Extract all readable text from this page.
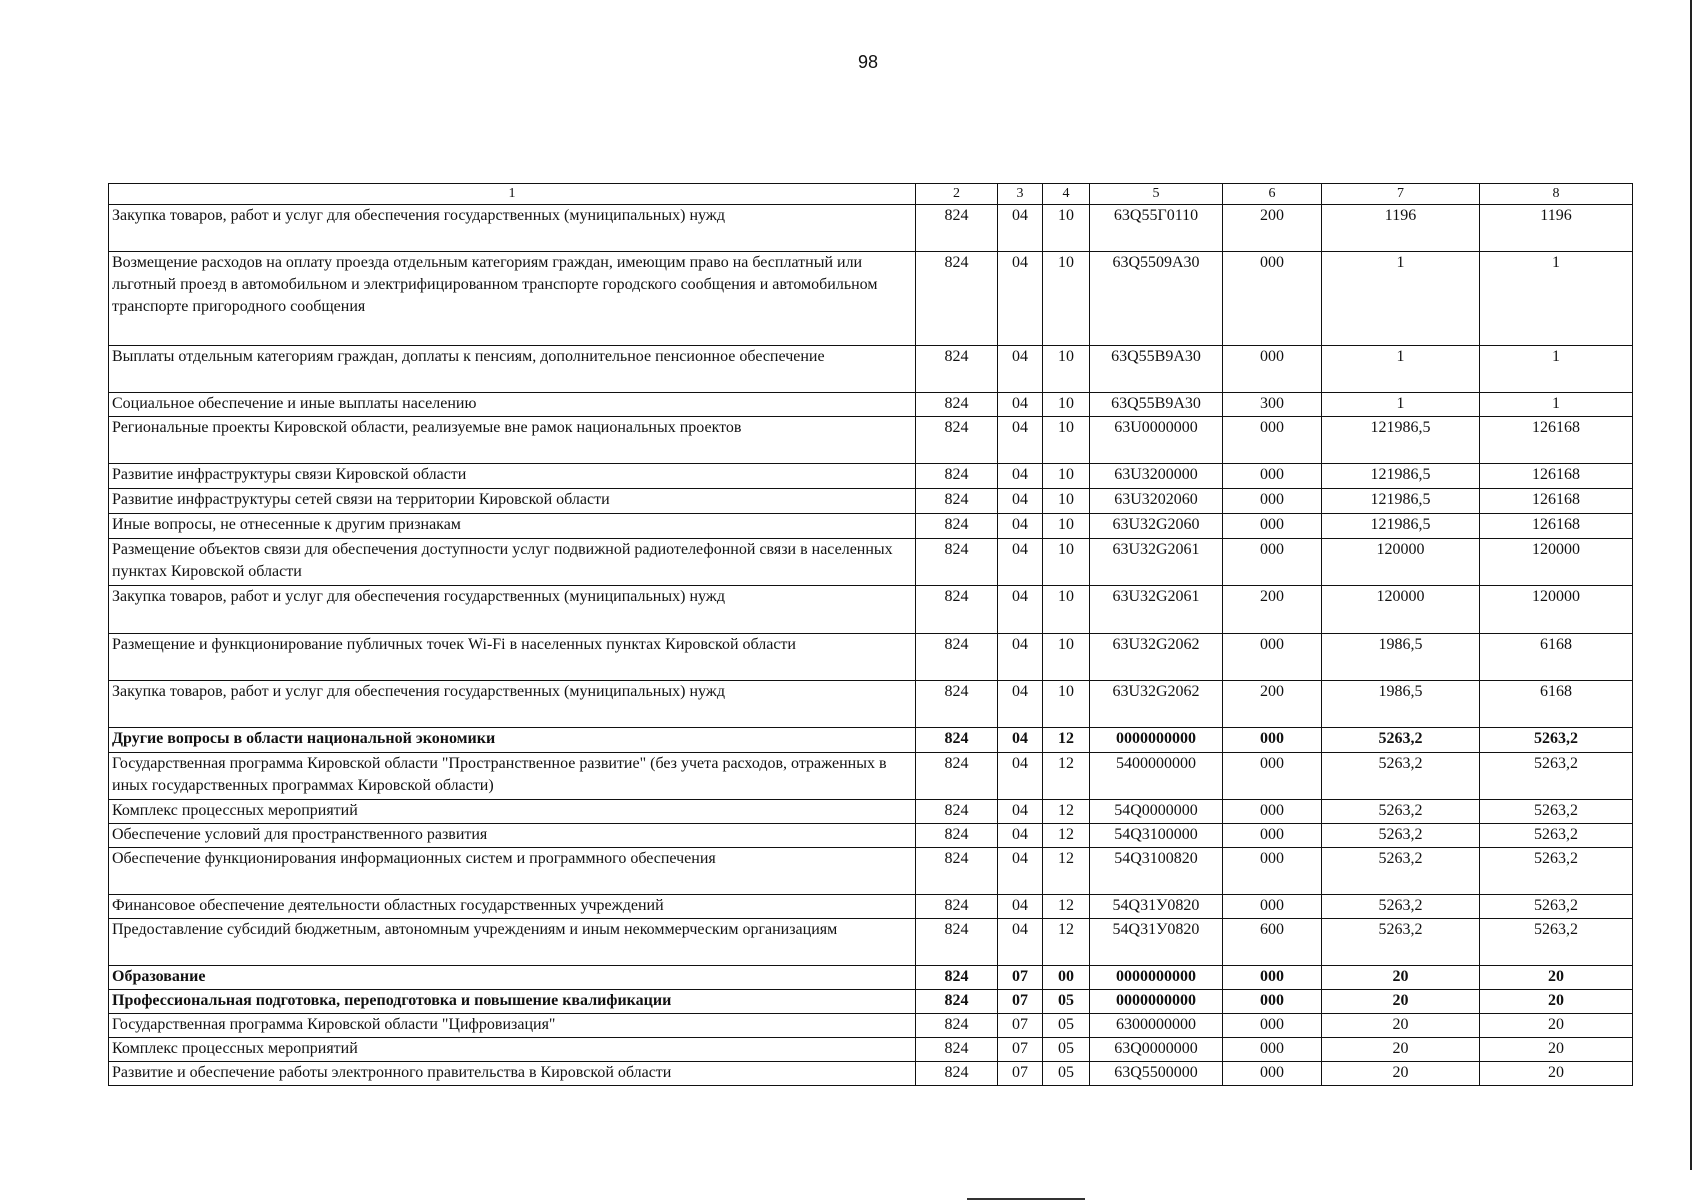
98
1	2	3	4	5	6	7	8
Закупка товаров, работ и услуг для обеспечения государственных (муниципальных) нужд	824	04	10	63Q55Г0110	200	1196	1196
Возмещение расходов на оплату проезда отдельным категориям граждан, имеющим право на бесплатный или льготный проезд в автомобильном и электрифицированном транспорте городского сообщения и автомобильном транспорте пригородного сообщения	824	04	10	63Q5509А30	000	1	1
Выплаты отдельным категориям граждан, доплаты к пенсиям, дополнительное пенсионное обеспечение	824	04	10	63Q55В9А30	000	1	1
Социальное обеспечение и иные выплаты населению	824	04	10	63Q55В9А30	300	1	1
Региональные проекты Кировской области, реализуемые вне рамок национальных проектов	824	04	10	63U0000000	000	121986,5	126168
Развитие инфраструктуры связи Кировской области	824	04	10	63U3200000	000	121986,5	126168
Развитие инфраструктуры сетей связи на территории Кировской области	824	04	10	63U3202060	000	121986,5	126168
Иные вопросы, не отнесенные к другим признакам	824	04	10	63U32G2060	000	121986,5	126168
Размещение объектов связи для обеспечения доступности услуг подвижной радиотелефонной связи в населенных пунктах Кировской области	824	04	10	63U32G2061	000	120000	120000
Закупка товаров, работ и услуг для обеспечения государственных (муниципальных) нужд	824	04	10	63U32G2061	200	120000	120000
Размещение и функционирование публичных точек Wi-Fi в населенных пунктах Кировской области	824	04	10	63U32G2062	000	1986,5	6168
Закупка товаров, работ и услуг для обеспечения государственных (муниципальных) нужд	824	04	10	63U32G2062	200	1986,5	6168
Другие вопросы в области национальной экономики	824	04	12	0000000000	000	5263,2	5263,2
Государственная программа Кировской области "Пространственное развитие" (без учета расходов, отраженных в иных государственных программах Кировской области)	824	04	12	5400000000	000	5263,2	5263,2
Комплекс процессных мероприятий	824	04	12	54Q0000000	000	5263,2	5263,2
Обеспечение условий для пространственного развития	824	04	12	54Q3100000	000	5263,2	5263,2
Обеспечение функционирования информационных систем и программного обеспечения	824	04	12	54Q3100820	000	5263,2	5263,2
Финансовое обеспечение деятельности областных государственных учреждений	824	04	12	54Q31У0820	000	5263,2	5263,2
Предоставление субсидий бюджетным, автономным учреждениям и иным некоммерческим организациям	824	04	12	54Q31У0820	600	5263,2	5263,2
Образование	824	07	00	0000000000	000	20	20
Профессиональная подготовка, переподготовка и повышение квалификации	824	07	05	0000000000	000	20	20
Государственная программа Кировской области "Цифровизация"	824	07	05	6300000000	000	20	20
Комплекс процессных мероприятий	824	07	05	63Q0000000	000	20	20
Развитие и обеспечение работы электронного правительства в Кировской области	824	07	05	63Q5500000	000	20	20
